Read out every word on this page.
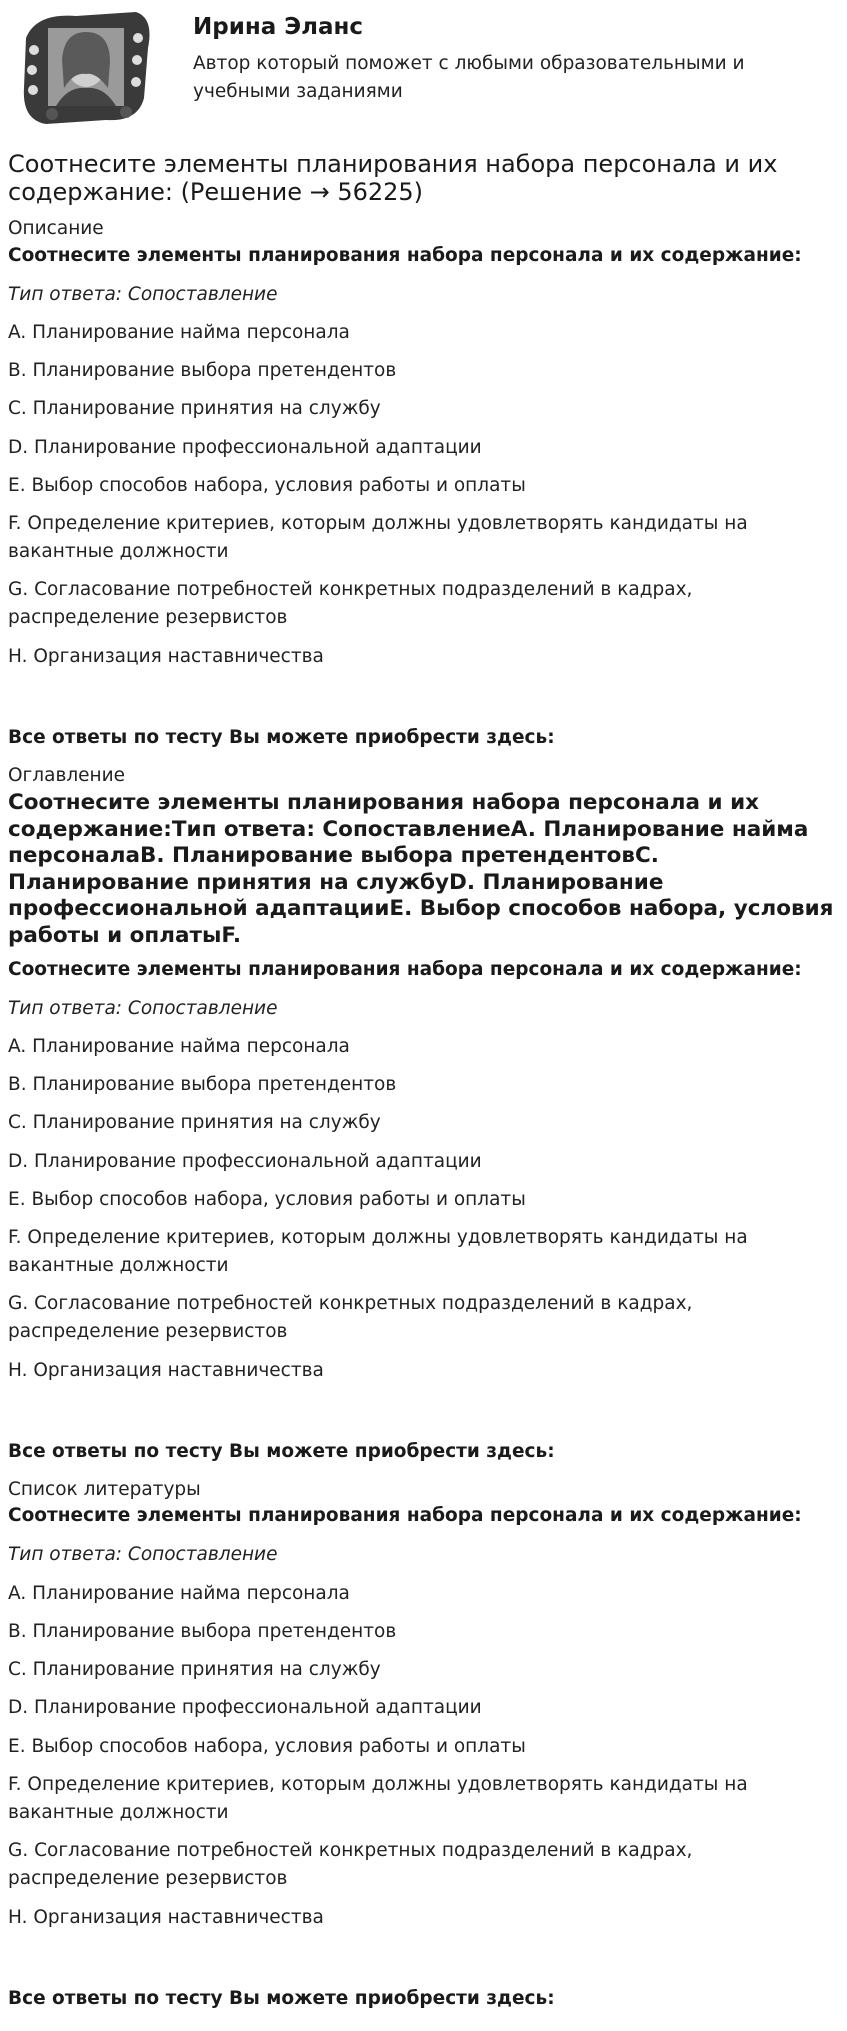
Ирина Эланс
Автор который поможет с любыми образовательными и учебными заданиями
Соотнесите элементы планирования набора персонала и их содержание: (Решение → 56225)
Описание
Соотнесите элементы планирования набора персонала и их содержание:
Тип ответа: Сопоставление
A. Планирование найма персонала
B. Планирование выбора претендентов
C. Планирование принятия на службу
D. Планирование профессиональной адаптации
E. Выбор способов набора, условия работы и оплаты
F. Определение критериев, которым должны удовлетворять кандидаты на вакантные должности
G. Согласование потребностей конкретных подразделений в кадрах, распределение резервистов
H. Организация наставничества
Все ответы по тесту Вы можете приобрести здесь:
Оглавление
Соотнесите элементы планирования набора персонала и их содержание:Тип ответа: СопоставлениеA. Планирование найма персоналаB. Планирование выбора претендентовC. Планирование принятия на службуD. Планирование профессиональной адаптацииE. Выбор способов набора, условия работы и оплатыF.
Соотнесите элементы планирования набора персонала и их содержание:
Тип ответа: Сопоставление
A. Планирование найма персонала
B. Планирование выбора претендентов
C. Планирование принятия на службу
D. Планирование профессиональной адаптации
E. Выбор способов набора, условия работы и оплаты
F. Определение критериев, которым должны удовлетворять кандидаты на вакантные должности
G. Согласование потребностей конкретных подразделений в кадрах, распределение резервистов
H. Организация наставничества
Все ответы по тесту Вы можете приобрести здесь:
Список литературы
Соотнесите элементы планирования набора персонала и их содержание:
Тип ответа: Сопоставление
A. Планирование найма персонала
B. Планирование выбора претендентов
C. Планирование принятия на службу
D. Планирование профессиональной адаптации
E. Выбор способов набора, условия работы и оплаты
F. Определение критериев, которым должны удовлетворять кандидаты на вакантные должности
G. Согласование потребностей конкретных подразделений в кадрах, распределение резервистов
H. Организация наставничества
Все ответы по тесту Вы можете приобрести здесь:
